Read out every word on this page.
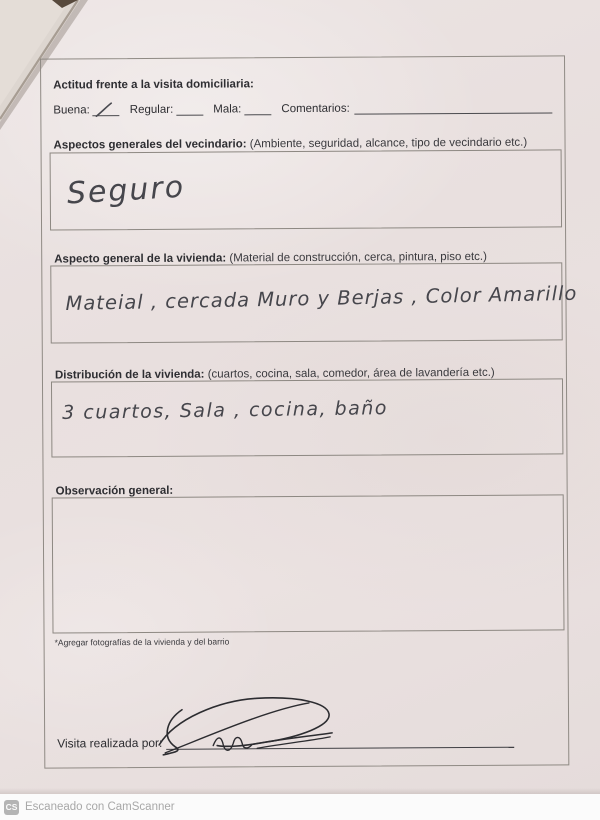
Actitud frente a la visita domiciliaria:
Buena:	Regular:	Mala:	Comentarios:
Aspectos generales del vecindario: (Ambiente, seguridad, alcance, tipo de vecindario etc.)
Seguro
Aspecto general de la vivienda: (Material de construcción, cerca, pintura, piso etc.)
Mateial , cercada Muro y Berjas , Color Amarillo
Distribución de la vivienda: (cuartos, cocina, sala, comedor, área de lavandería etc.)
3 cuartos, Sala , cocina, baño
Observación general:
*Agregar fotografías de la vivienda y del barrio
Visita realizada por:
CS Escaneado con CamScanner
